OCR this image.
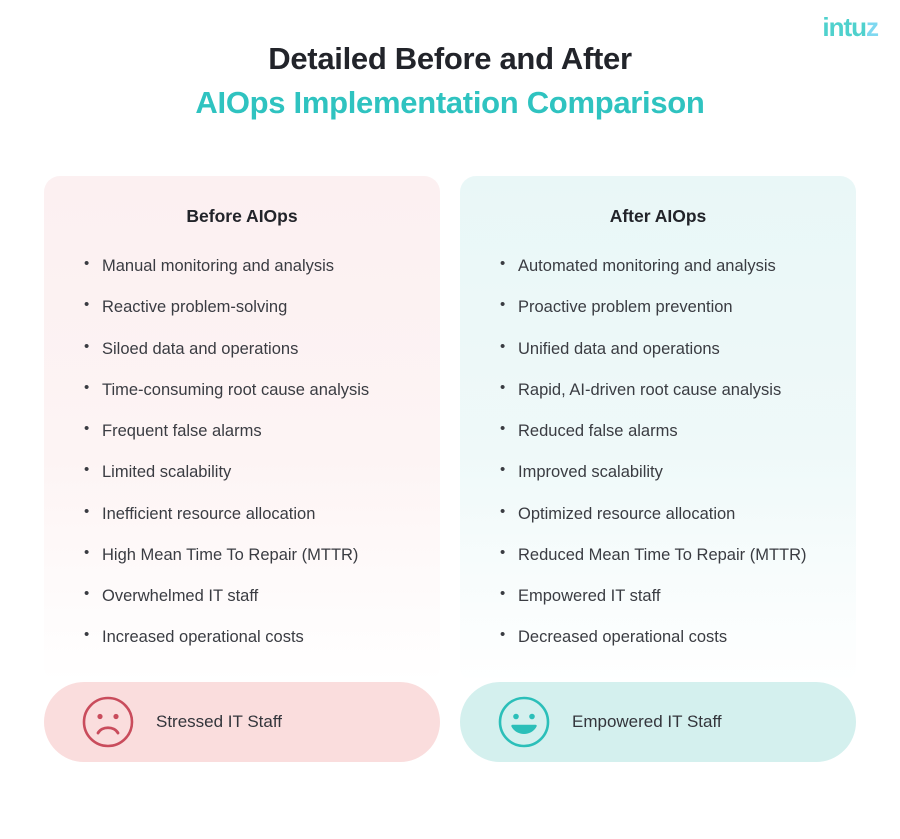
intu z
Detailed Before and After
AIOps Implementation Comparison
Before AIOps
• Manual monitoring and analysis
• Reactive problem-solving
• Siloed data and operations
• Time-consuming root cause analysis
• Frequent false alarms
• Limited scalability
• Inefficient resource allocation
• High Mean Time To Repair (MTTR)
• Overwhelmed IT staff
• Increased operational costs
After AIOps
• Automated monitoring and analysis
• Proactive problem prevention
• Unified data and operations
• Rapid, AI-driven root cause analysis
• Reduced false alarms
• Improved scalability
• Optimized resource allocation
• Reduced Mean Time To Repair (MTTR)
• Empowered IT staff
• Decreased operational costs
Stressed IT Staff	Empowered IT Staff
